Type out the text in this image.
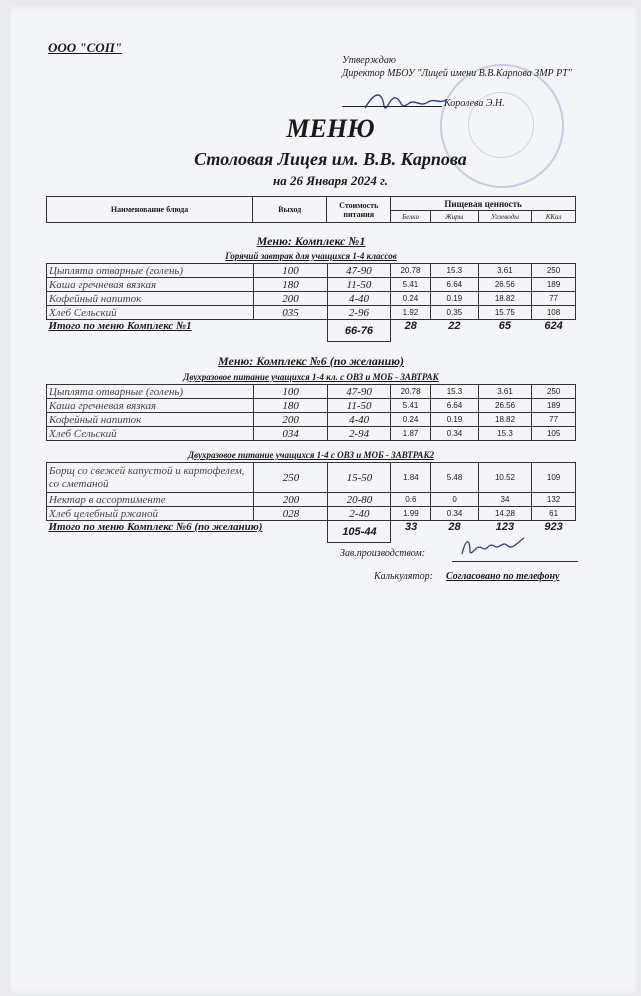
ООО "СОП"
Утверждаю
Директор МБОУ "Лицей имени В.В.Карпова ЗМР РТ"
Королева Э.Н.
МЕНЮ
Столовая Лицея им. В.В. Карпова
на 26 Января 2024 г.
Наименование блюда	Выход	Стоимость питания	Пищевая ценность			
			Белки	Жиры	Углеводы	ККал
Меню: Комплекс №1
Горячий завтрак для учащихся 1-4 классов
Цыплята отварные (голень)	100	47-90	20.78	15.3	3.61	250
Каша гречневая вязкая	180	11-50	5.41	6.64	26.56	189
Кофейный напиток	200	4-40	0.24	0.19	18.82	77
Хлеб Сельский	035	2-96	1.92	0.35	15.75	108
Итого по меню Комплекс №1		66-76	28	22	65	624
Меню: Комплекс №6 (по желанию)
Двухразовое питание учащихся 1-4 кл. с ОВЗ и МОБ - ЗАВТРАК
Цыплята отварные (голень)	100	47-90	20.78	15.3	3.61	250
Каша гречневая вязкая	180	11-50	5.41	6.64	26.56	189
Кофейный напиток	200	4-40	0.24	0.19	18.82	77
Хлеб Сельский	034	2-94	1.87	0.34	15.3	105
Двухразовое питание учащихся 1-4 с ОВЗ и МОБ - ЗАВТРАК2
Борщ со свежей капустой и картофелем, со сметаной	250	15-50	1.84	5.48	10.52	109
Нектар в ассортименте	200	20-80	0.6	0	34	132
Хлеб целебный ржаной	028	2-40	1.99	0.34	14.28	61
Итого по меню Комплекс №6 (по желанию)		105-44	33	28	123	923
Зав.производством:
Калькулятор: Согласовано по телефону
